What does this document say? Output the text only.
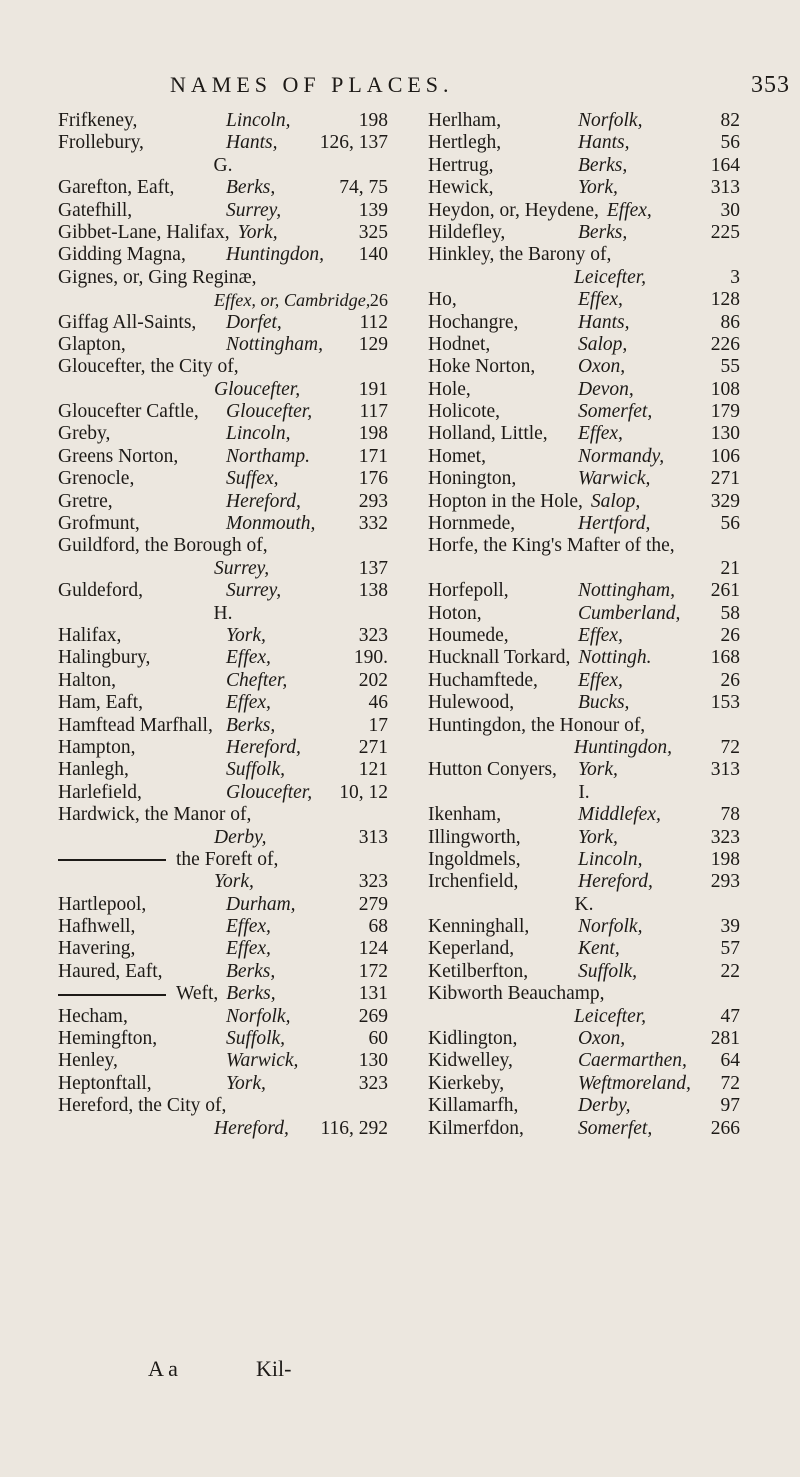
NAMES OF PLACES.	353
Frifkeney,	Lincoln,	198
Frollebury,	Hants, 126, 137
G.
Garefton, Eaft,	Berks,	74, 75
Gatefhill,	Surrey,	139
Gibbet-Lane, Halifax, York,	325
Gidding Magna, Huntingdon, 140
Gignes, or, Ging Reginæ,
Effex, or, Cambridge, 26
Giffag All-Saints, Dorfet,	112
Glapton,	Nottingham, 129
Gloucefter, the City of,
Gloucefter,	191
Gloucefter Caftle, Gloucefter, 117
Greby,	Lincoln,	198
Greens Norton, Northamp.	171
Grenocle,	Suffex,	176
Gretre,	Hereford,	293
Grofmunt,	Monmouth, 332
Guildford, the Borough of,
Surrey,	137
Guldeford,	Surrey,	138
H.
Halifax,	York,	323
Halingbury,	Effex,	190.
Halton,	Chefter,	202
Ham, Eaft,	Effex,	46
Hamftead Marfhall, Berks,	17
Hampton,	Hereford,	271
Hanlegh,	Suffolk,	121
Harlefield,	Gloucefter, 10, 12
Hardwick, the Manor of,
Derby,	313
the Foreft of,
York,	323
Hartlepool,	Durham,	279
Hafhwell,	Effex,	68
Havering,	Effex,	124
Haured, Eaft,	Berks,	172
Weft, Berks,	131
Hecham,	Norfolk,	269
Hemingfton,	Suffolk,	60
Henley,	Warwick,	130
Heptonftall,	York,	323
Hereford, the City of,
Hereford, 116, 292
Herlham,	Norfolk,	82
Hertlegh,	Hants,	56
Hertrug,	Berks,	164
Hewick,	York,	313
Heydon, or, Heydene, Effex,	30
Hildefley,	Berks,	225
Hinkley, the Barony of,
Leicefter,	3
Ho,	Effex,	128
Hochangre,	Hants,	86
Hodnet,	Salop,	226
Hoke Norton, Oxon,	55
Hole,	Devon,	108
Holicote,	Somerfet,	179
Holland, Little, Effex,	130
Homet,	Normandy, 106
Honington,	Warwick,	271
Hopton in the Hole, Salop,	329
Hornmede,	Hertford,	56
Horfe, the King's Mafter of the,
21
Horfepoll,	Nottingham, 261
Hoton,	Cumberland, 58
Houmede,	Effex,	26
Hucknall Torkard, Nottingh.	168
Huchamftede, Effex,	26
Hulewood,	Bucks,	153
Huntingdon, the Honour of,
Huntingdon, 72
Hutton Conyers, York,	313
I.
Ikenham,	Middlefex,	78
Illingworth,	York,	323
Ingoldmels,	Lincoln,	198
Irchenfield,	Hereford,	293
K.
Kenninghall, Norfolk,	39
Keperland,	Kent,	57
Ketilberfton,	Suffolk,	22
Kibworth Beauchamp,
Leicefter,	47
Kidlington,	Oxon,	281
Kidwelley,	Caermarthen, 64
Kierkeby,	Weftmoreland, 72
Killamarfh,	Derby,	97
Kilmerfdon,	Somerfet,	266
A a	Kil-
